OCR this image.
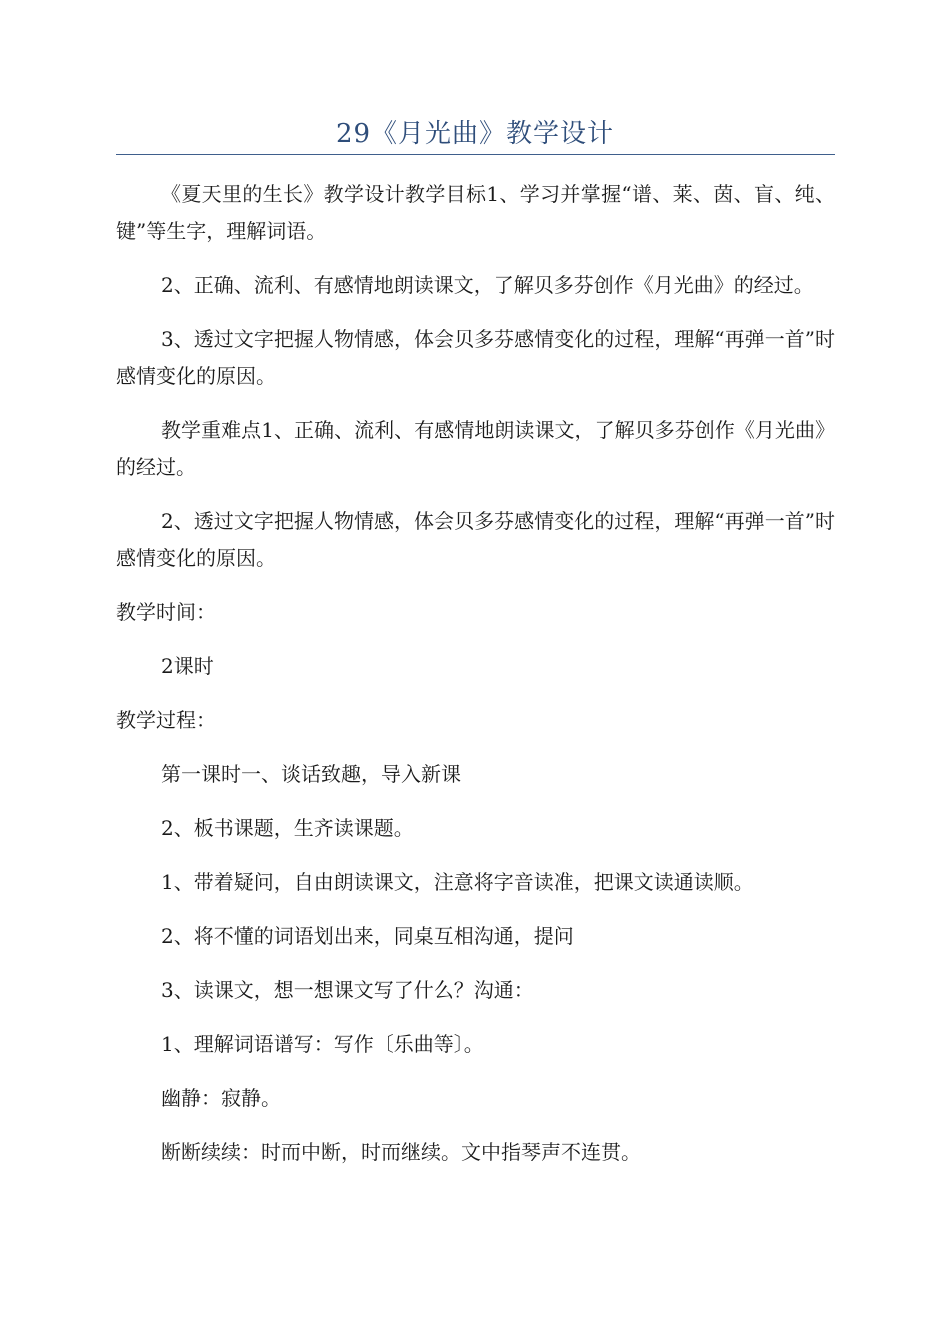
29《月光曲》教学设计

《夏天里的生长》教学设计教学目标1、学习并掌握“谱、莱、茵、盲、纯、键”等生字，理解词语。

2、正确、流利、有感情地朗读课文，了解贝多芬创作《月光曲》的经过。

3、透过文字把握人物情感，体会贝多芬感情变化的过程，理解“再弹一首”时感情变化的原因。

教学重难点1、正确、流利、有感情地朗读课文，了解贝多芬创作《月光曲》的经过。

2、透过文字把握人物情感，体会贝多芬感情变化的过程，理解“再弹一首”时感情变化的原因。

教学时间：

2课时

教学过程：

第一课时一、谈话致趣，导入新课

2、板书课题，生齐读课题。

1、带着疑问，自由朗读课文，注意将字音读准，把课文读通读顺。

2、将不懂的词语划出来，同桌互相沟通，提问

3、读课文，想一想课文写了什么？沟通：

1、理解词语谱写：写作〔乐曲等〕。

幽静：寂静。

断断续续：时而中断，时而继续。文中指琴声不连贯。
